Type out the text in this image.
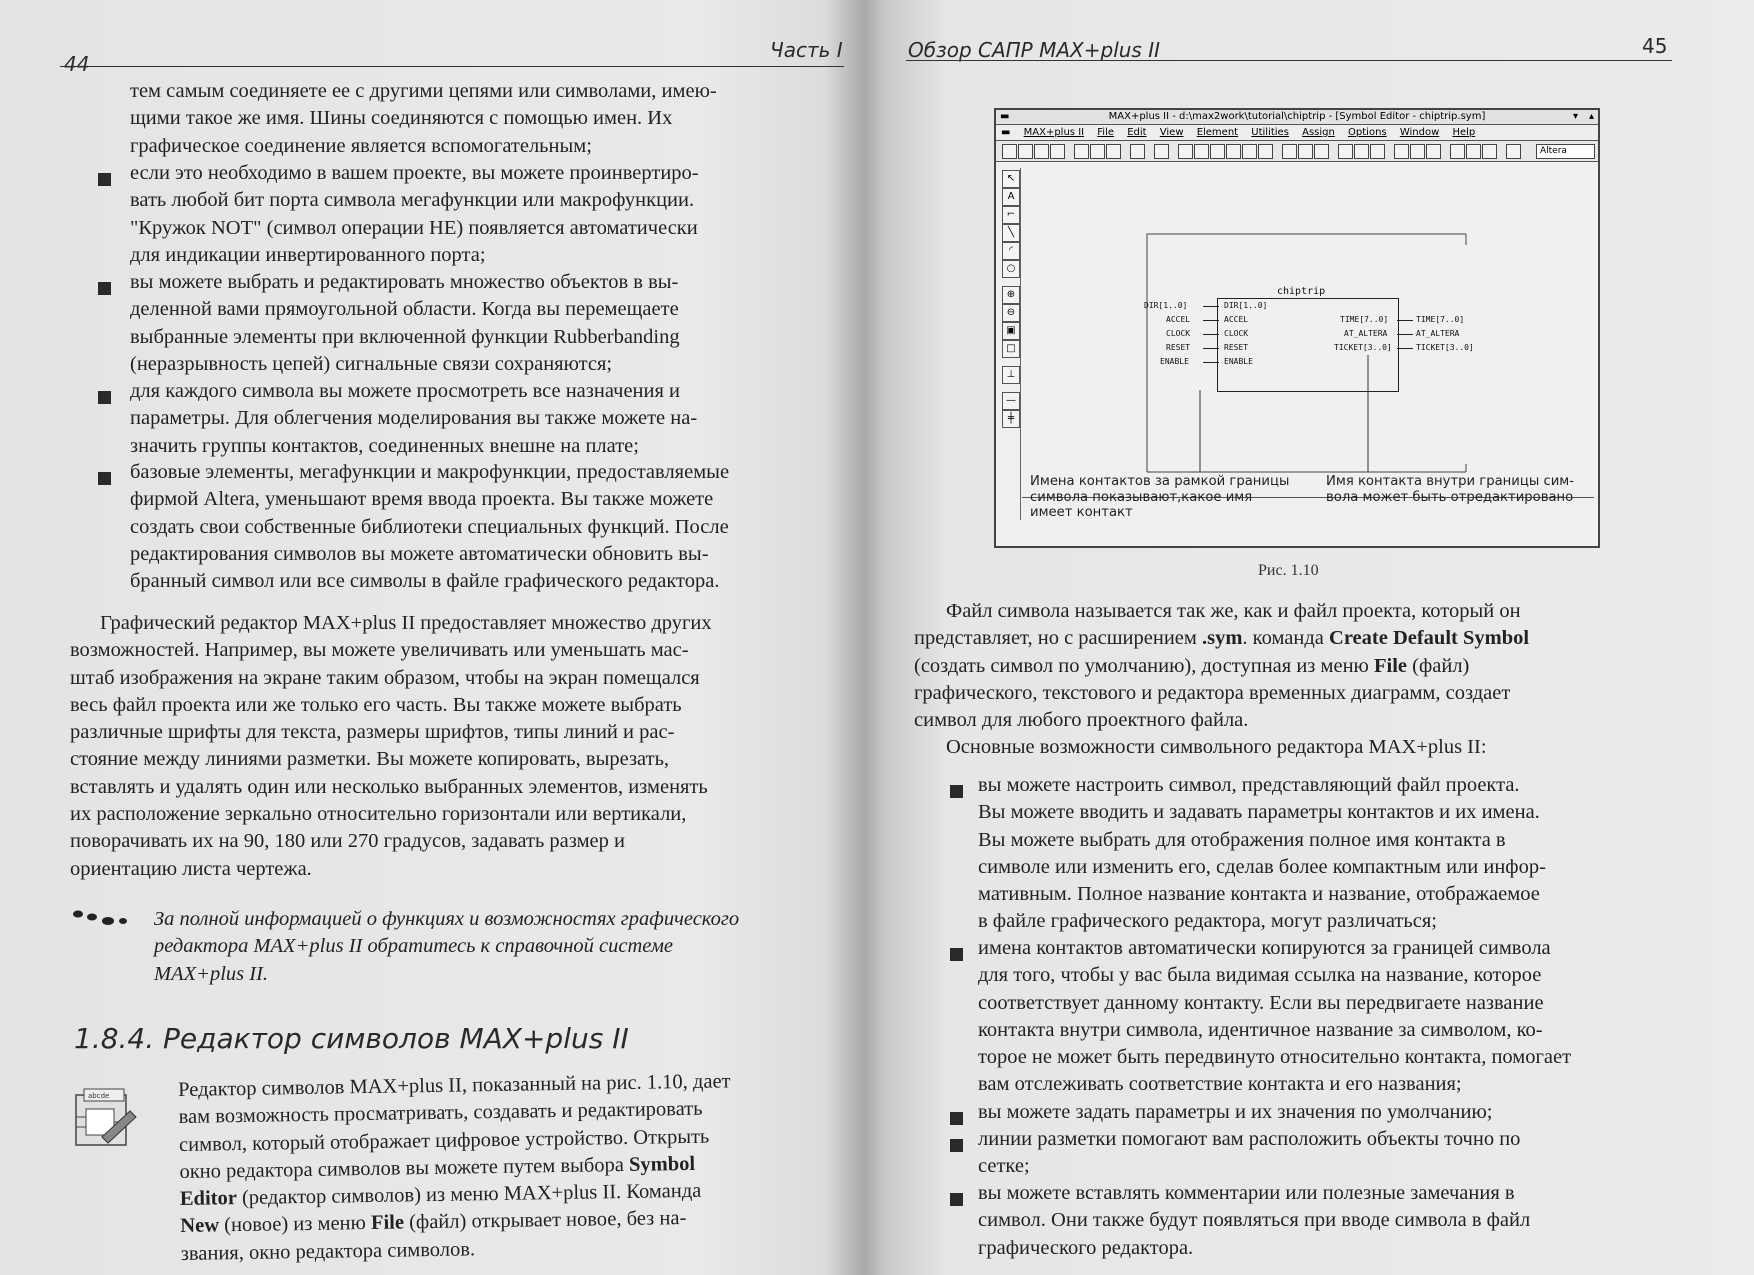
44
Часть I
тем самым соединяете ее с другими цепями или символами, имею-
щими такое же имя. Шины соединяются с помощью имен. Их
графическое соединение является вспомогательным;
если это необходимо в вашем проекте, вы можете проинвертиро-
вать любой бит порта символа мегафункции или макрофункции.
"Кружок NOT" (символ операции НЕ) появляется автоматически
для индикации инвертированного порта;
вы можете выбрать и редактировать множество объектов в вы-
деленной вами прямоугольной области. Когда вы перемещаете
выбранные элементы при включенной функции Rubberbanding
(неразрывность цепей) сигнальные связи сохраняются;
для каждого символа вы можете просмотреть все назначения и
параметры. Для облегчения моделирования вы также можете на-
значить группы контактов, соединенных внешне на плате;
базовые элементы, мегафункции и макрофункции, предоставляемые
фирмой Altera, уменьшают время ввода проекта. Вы также можете
создать свои собственные библиотеки специальных функций. После
редактирования символов вы можете автоматически обновить вы-
бранный символ или все символы в файле графического редактора.
Графический редактор MAX+plus II предоставляет множество других
возможностей. Например, вы можете увеличивать или уменьшать мас-
штаб изображения на экране таким образом, чтобы на экран помещался
весь файл проекта или же только его часть. Вы также можете выбрать
различные шрифты для текста, размеры шрифтов, типы линий и рас-
стояние между линиями разметки. Вы можете копировать, вырезать,
вставлять и удалять один или несколько выбранных элементов, изменять
их расположение зеркально относительно горизонтали или вертикали,
поворачивать их на 90, 180 или 270 градусов, задавать размер и
ориентацию листа чертежа.
За полной информацией о функциях и возможностях графического
редактора MAX+plus II обратитесь к справочной системе
MAX+plus II.
1.8.4. Редактор символов MAX+plus II
abcde	Редактор символов MAX+plus II, показанный на рис. 1.10, дает
вам возможность просматривать, создавать и редактировать
символ, который отображает цифровое устройство. Открыть
окно редактора символов вы можете путем выбора Symbol
Editor (редактор символов) из меню MAX+plus II. Команда
New (новое) из меню File (файл) открывает новое, без на-
звания, окно редактора символов.
Обзор САПР MAX+plus II	45
▬	MAX+plus II - d:\max2work\tutorial\chiptrip - [Symbol Editor - chiptrip.sym]	▾ ▴
▬ MAX+plus II File Edit View Element Utilities Assign Options Window Help
Altera
↖
A
⌐
╲
◜
○
⊕
⊖
▣
□
⊥
—
╪
chiptrip
DIR[1..0]
ACCEL
CLOCK
RESET
ENABLE
DIR[1..0]
ACCEL
CLOCK
RESET
ENABLE
TIME[7..0]
AT_ALTERA
TICKET[3..0]
TIME[7..0]
AT_ALTERA
TICKET[3..0]
Имена контактов за рамкой границы
символа показывают,какое имя
имеет контакт
Имя контакта внутри границы сим-
вола может быть отредактировано
Рис. 1.10
Файл символа называется так же, как и файл проекта, который он
представляет, но с расширением .sym. команда Create Default Symbol
(создать символ по умолчанию), доступная из меню File (файл)
графического, текстового и редактора временных диаграмм, создает
символ для любого проектного файла.
Основные возможности символьного редактора MAX+plus II:
вы можете настроить символ, представляющий файл проекта.
Вы можете вводить и задавать параметры контактов и их имена.
Вы можете выбрать для отображения полное имя контакта в
символе или изменить его, сделав более компактным или инфор-
мативным. Полное название контакта и название, отображаемое
в файле графического редактора, могут различаться;
имена контактов автоматически копируются за границей символа
для того, чтобы у вас была видимая ссылка на название, которое
соответствует данному контакту. Если вы передвигаете название
контакта внутри символа, идентичное название за символом, ко-
торое не может быть передвинуто относительно контакта, помогает
вам отслеживать соответствие контакта и его названия;
вы можете задать параметры и их значения по умолчанию;
линии разметки помогают вам расположить объекты точно по
сетке;
вы можете вставлять комментарии или полезные замечания в
символ. Они также будут появляться при вводе символа в файл
графического редактора.
